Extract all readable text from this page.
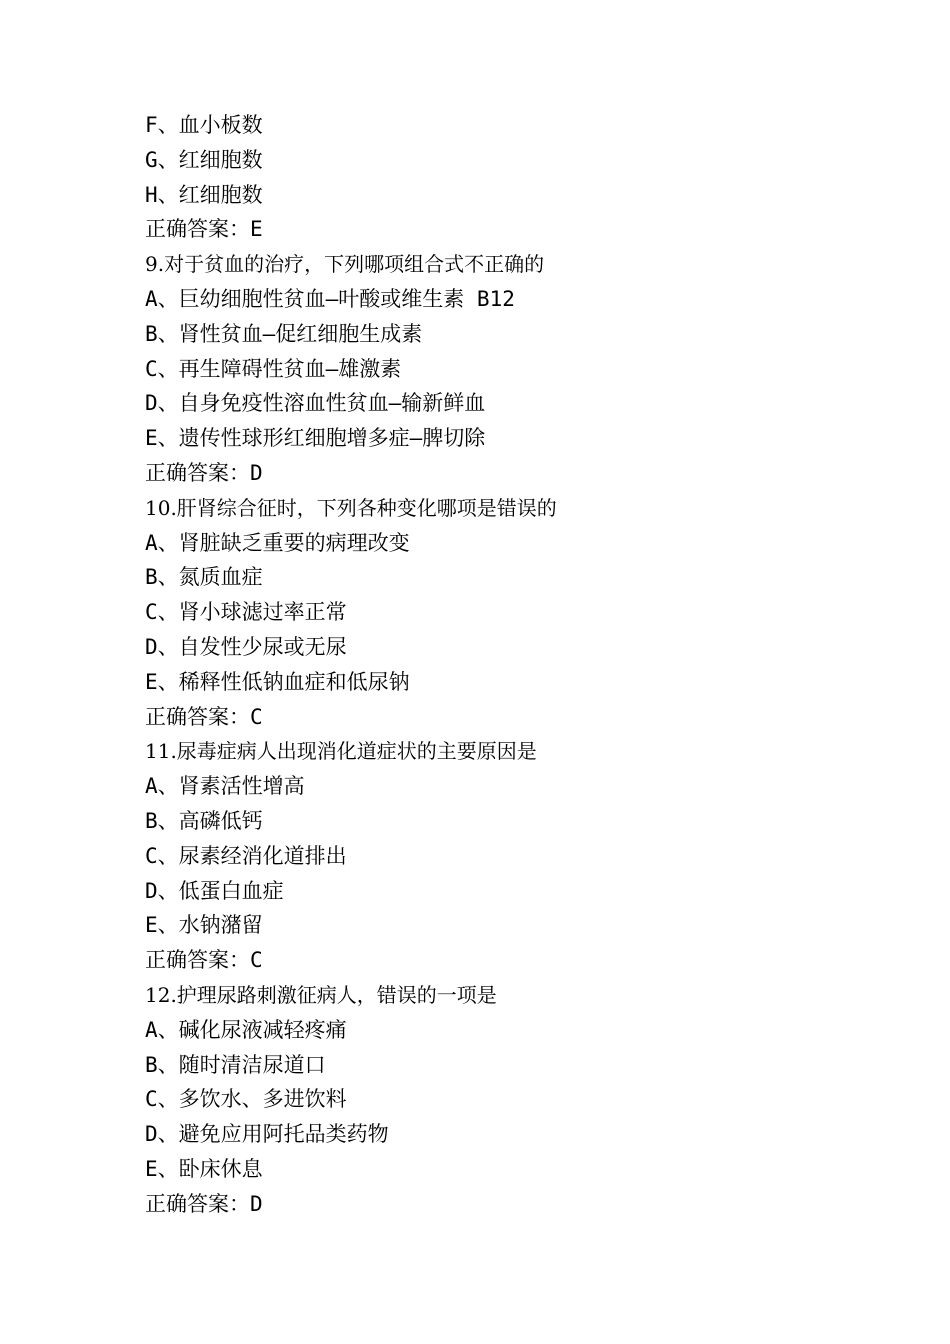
F、血小板数
G、红细胞数
H、红细胞数
正确答案：E
9.对于贫血的治疗，下列哪项组合式不正确的
A、巨幼细胞性贫血—叶酸或维生素 B12
B、肾性贫血—促红细胞生成素
C、再生障碍性贫血—雄激素
D、自身免疫性溶血性贫血—输新鲜血
E、遗传性球形红细胞增多症—脾切除
正确答案：D
10.肝肾综合征时，下列各种变化哪项是错误的
A、肾脏缺乏重要的病理改变
B、氮质血症
C、肾小球滤过率正常
D、自发性少尿或无尿
E、稀释性低钠血症和低尿钠
正确答案：C
11.尿毒症病人出现消化道症状的主要原因是
A、肾素活性增高
B、高磷低钙
C、尿素经消化道排出
D、低蛋白血症
E、水钠潴留
正确答案：C
12.护理尿路刺激征病人，错误的一项是
A、碱化尿液减轻疼痛
B、随时清洁尿道口
C、多饮水、多进饮料
D、避免应用阿托品类药物
E、卧床休息
正确答案：D
